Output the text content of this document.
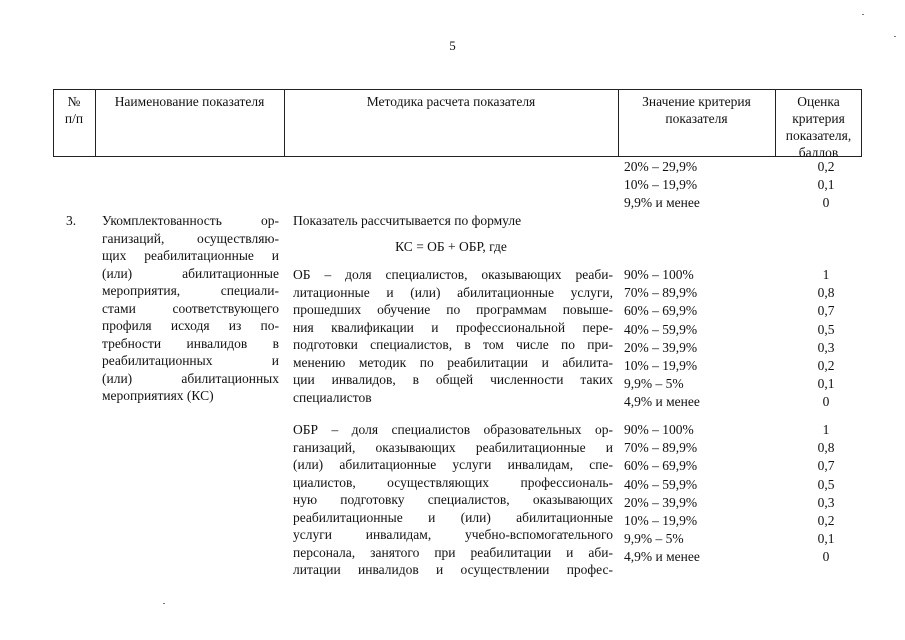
5
№
п/п
Наименование показателя	Методика расчета показателя	Значение критерия
показателя
Оценка
критерия
показателя,
баллов
20% – 29,9%
10% – 19,9%
9,9% и менее
0,2
0,1
0
3. Укомплектованность ор-
ганизаций, осуществляю-
щих реабилитационные и
(или) абилитационные
мероприятия, специали-
стами соответствующего
профиля исходя из по-
требности инвалидов в
реабилитационных и
(или) абилитационных
мероприятиях (КС)
Показатель рассчитывается по формуле
КС = ОБ + ОБР, где
ОБ – доля специалистов, оказывающих реаби-
литационные и (или) абилитационные услуги,
прошедших обучение по программам повыше-
ния квалификации и профессиональной пере-
подготовки специалистов, в том числе по при-
менению методик по реабилитации и абилита-
ции инвалидов, в общей численности таких
специалистов
90% – 100%
70% – 89,9%
60% – 69,9%
40% – 59,9%
20% – 39,9%
10% – 19,9%
9,9% – 5%
4,9% и менее
1
0,8
0,7
0,5
0,3
0,2
0,1
0
ОБР – доля специалистов образовательных ор-
ганизаций, оказывающих реабилитационные и
(или) абилитационные услуги инвалидам, спе-
циалистов, осуществляющих профессиональ-
ную подготовку специалистов, оказывающих
реабилитационные и (или) абилитационные
услуги инвалидам, учебно-вспомогательного
персонала, занятого при реабилитации и аби-
литации инвалидов и осуществлении профес-
90% – 100%
70% – 89,9%
60% – 69,9%
40% – 59,9%
20% – 39,9%
10% – 19,9%
9,9% – 5%
4,9% и менее
1
0,8
0,7
0,5
0,3
0,2
0,1
0
